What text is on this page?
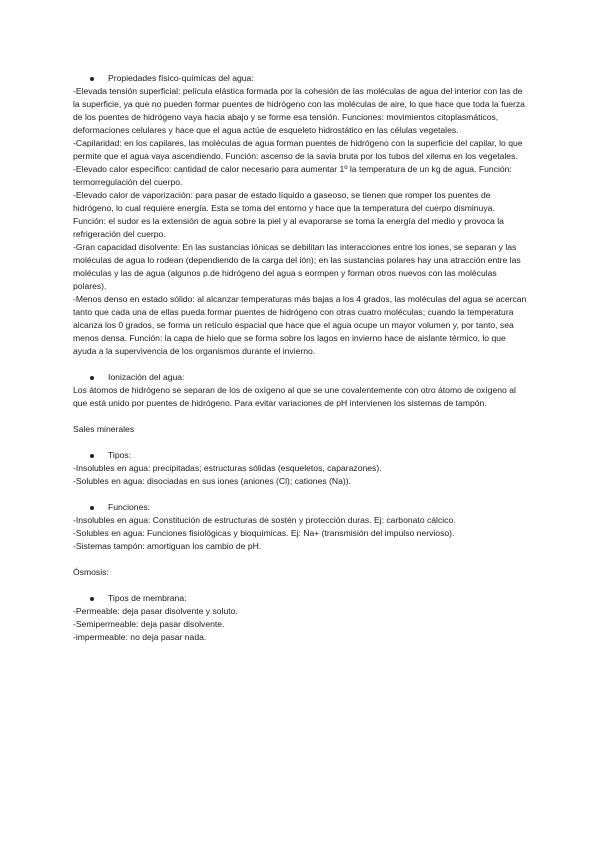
Propiedades físico-químicas del agua:

-Elevada tensión superficial: película elástica formada por la cohesión de las moléculas de agua del interior con las de la superficie, ya que no pueden formar puentes de hidrógeno con las moléculas de aire, lo que hace que toda la fuerza de los puentes de hidrógeno vaya hacia abajo y se forme esa tensión. Funciones: movimientos citoplasmáticos, deformaciones celulares y hace que el agua actúe de esqueleto hidrostático en las células vegetales.

-Capilaridad: en los capilares, las moléculas de agua forman puentes de hidrógeno con la superficie del capilar, lo que permite que el agua vaya ascendiendo. Función: ascenso de la savia bruta por los tubos del xilema en los vegetales.

-Elevado calor específico: cantidad de calor necesario para aumentar 1º la temperatura de un kg de agua. Función: termorregulación del cuerpo.

-Elevado calor de vaporización: para pasar de estado líquido a gaseoso, se tienen que romper los puentes de hidrógeno, lo cual requiere energía. Esta se toma del entorno y hace que la temperatura del cuerpo disminuya. Función: el sudor es la extensión de agua sobre la piel y al evaporarse se toma la energía del medio y provoca la refrigeración del cuerpo.

-Gran capacidad disolvente: En las sustancias iónicas se debilitan las interacciones entre los iones, se separan y las moléculas de agua lo rodean (dependiendo de la carga del ión); en las sustancias polares hay una atracción entre las moléculas y las de agua (algunos p.de hidrógeno del agua s eormpen y forman otros nuevos con las moléculas polares).

-Menos denso en estado sólido: al alcanzar temperaturas más bajas a los 4 grados, las moléculas del agua se acercan tanto que cada una de ellas pueda formar puentes de hidrógeno con otras cuatro moléculas; cuando la temperatura alcanza los 0 grados, se forma un retículo espacial que hace que el agua ocupe un mayor volumen y, por tanto, sea menos densa. Función: la capa de hielo que se forma sobre los lagos en invierno hace de aislante térmico, lo que ayuda a la supervivencia de los organismos durante el invierno.

Ionización del agua:

Los átomos de hidrógeno se separan de los de oxígeno al que se une covalentemente con otro átomo de oxígeno al que está unido por puentes de hidrógeno. Para evitar variaciones de pH intervienen los sistemas de tampón.

Sales minerales

Tipos:

-Insolubles en agua: precipitadas; estructuras sólidas (esqueletos, caparazones).

-Solubles en agua: disociadas en sus iones (aniones (Cl); cationes (Na)).

Funciones:

-Insolubles en agua: Constitución de estructuras de sostén y protección duras. Ej: carbonato cálcico.

-Solubles en agua: Funciones fisiológicas y bioquímicas. Ej: Na+ (transmisión del impulso nervioso).

-Sistemas tampón: amortiguan los cambio de pH.

Ósmosis:

Tipos de membrana:

-Permeable: deja pasar disolvente y soluto.

-Semipermeable: deja pasar disolvente.

-impermeable: no deja pasar nada.
